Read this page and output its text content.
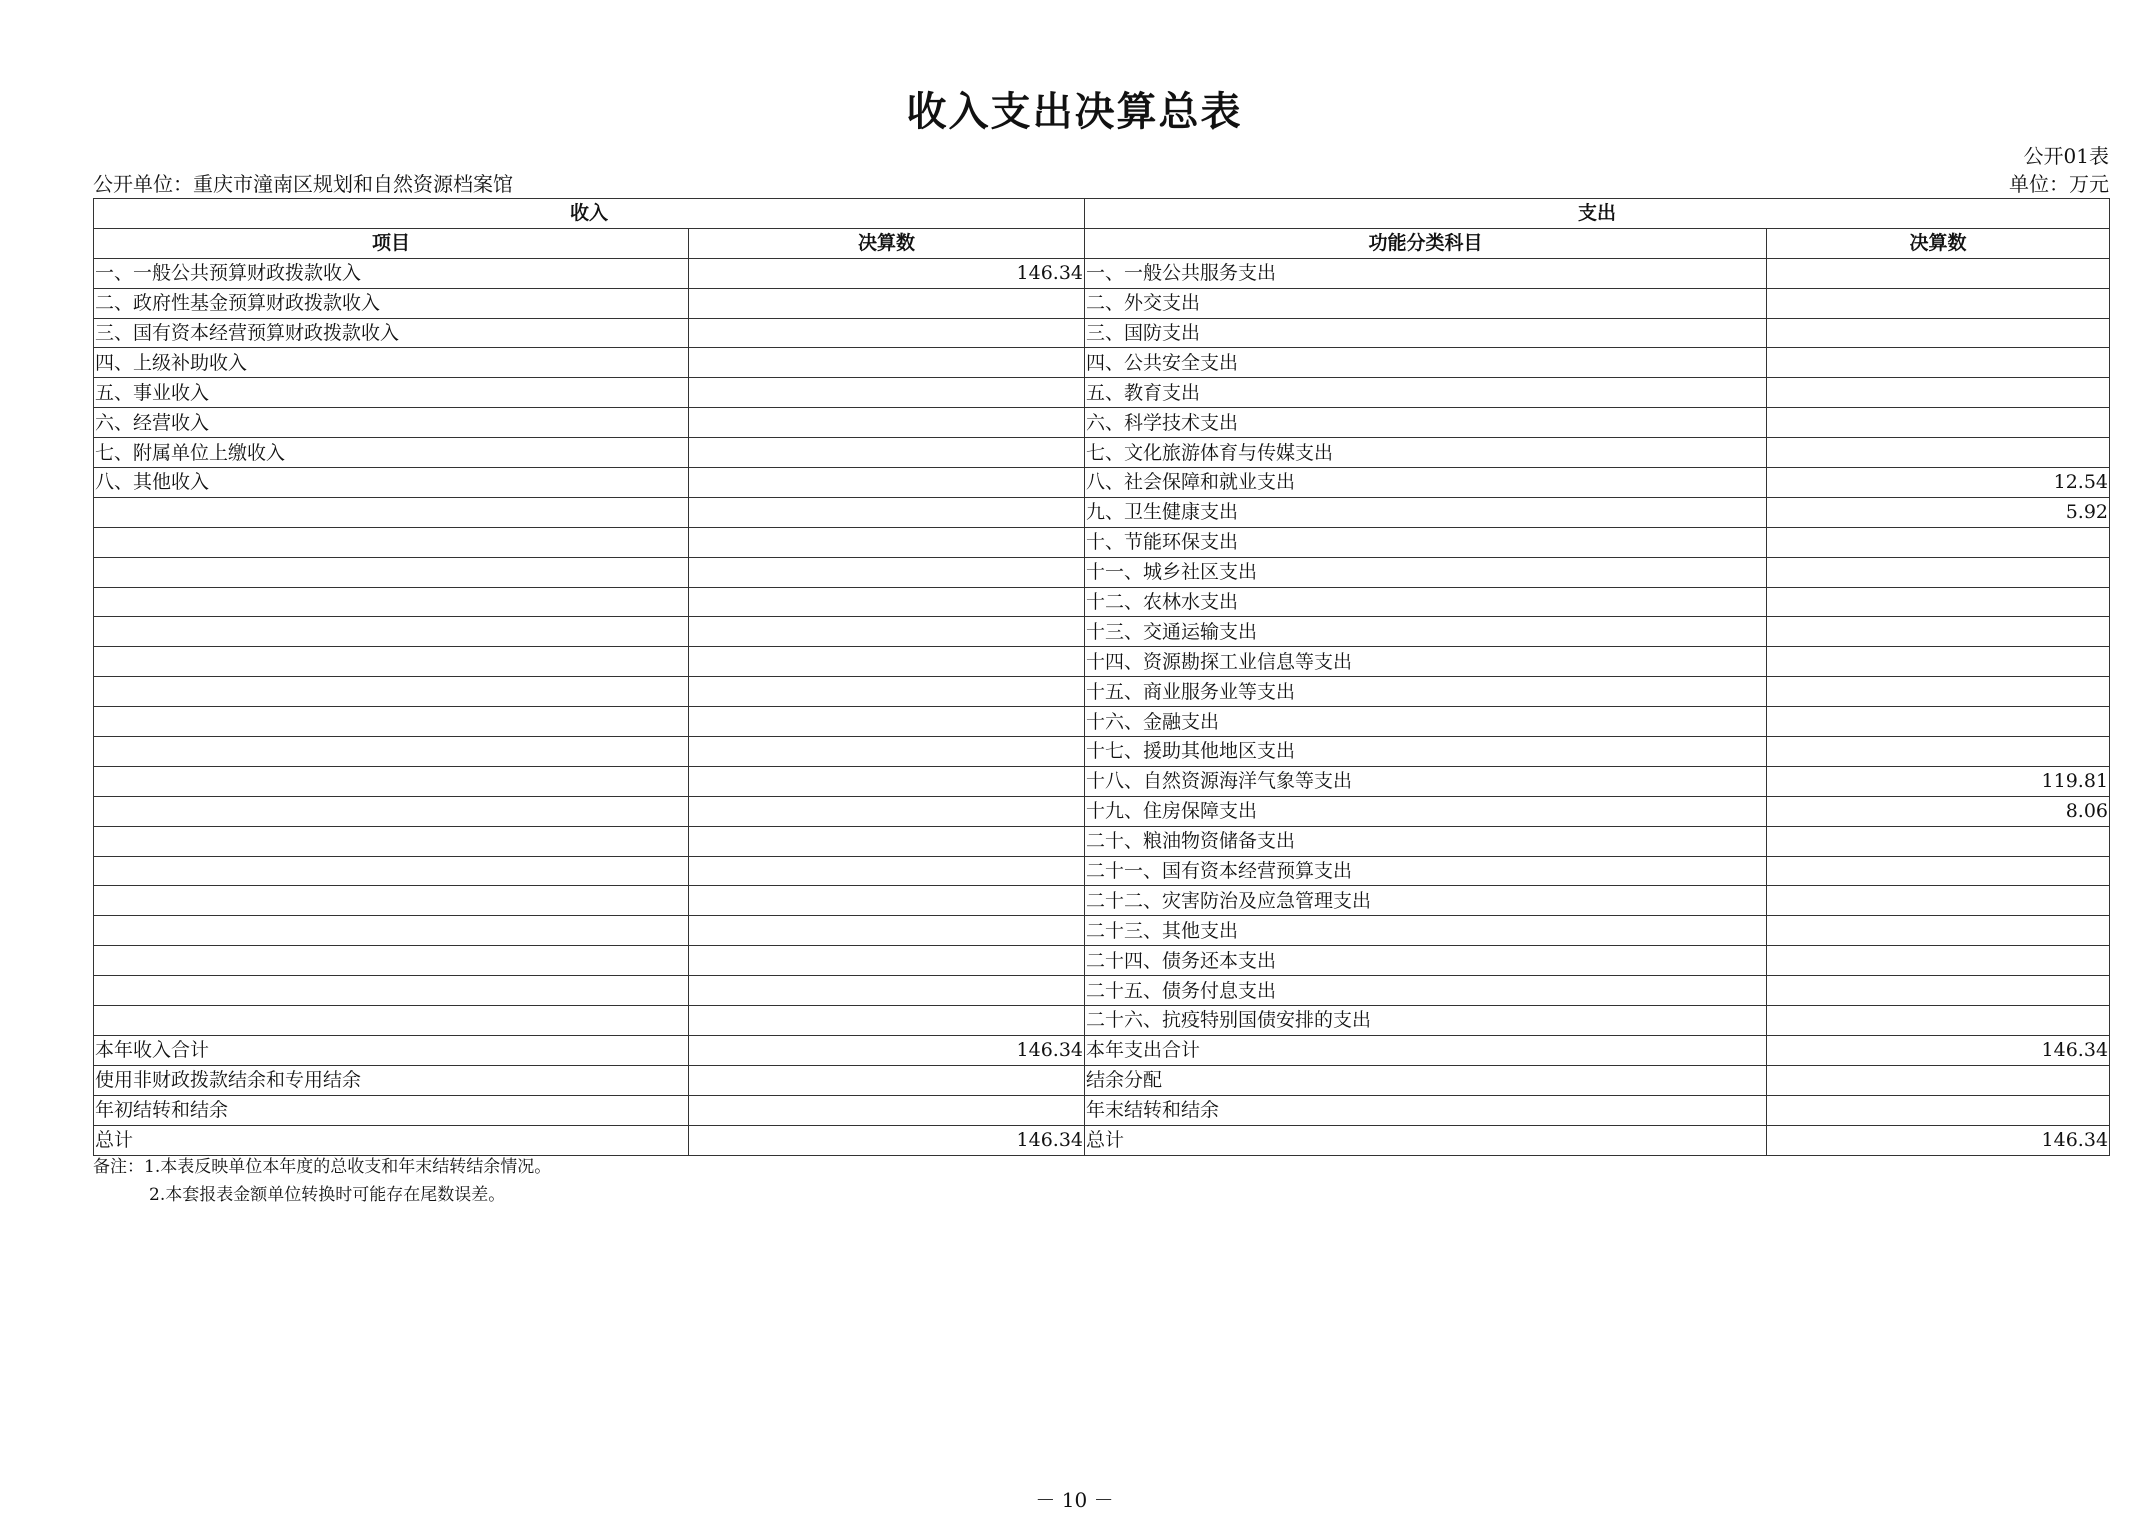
收入支出决算总表
公开01表
公开单位：重庆市潼南区规划和自然资源档案馆	单位：万元
收入		支出	
项目	决算数	功能分类科目	决算数
一、一般公共预算财政拨款收入	146.34	一、一般公共服务支出	
二、政府性基金预算财政拨款收入		二、外交支出	
三、国有资本经营预算财政拨款收入		三、国防支出	
四、上级补助收入		四、公共安全支出	
五、事业收入		五、教育支出	
六、经营收入		六、科学技术支出	
七、附属单位上缴收入		七、文化旅游体育与传媒支出	
八、其他收入		八、社会保障和就业支出	12.54
		九、卫生健康支出	5.92
		十、节能环保支出	
		十一、城乡社区支出	
		十二、农林水支出	
		十三、交通运输支出	
		十四、资源勘探工业信息等支出	
		十五、商业服务业等支出	
		十六、金融支出	
		十七、援助其他地区支出	
		十八、自然资源海洋气象等支出	119.81
		十九、住房保障支出	8.06
		二十、粮油物资储备支出	
		二十一、国有资本经营预算支出	
		二十二、灾害防治及应急管理支出	
		二十三、其他支出	
		二十四、债务还本支出	
		二十五、债务付息支出	
		二十六、抗疫特别国债安排的支出	
本年收入合计	146.34	本年支出合计	146.34
使用非财政拨款结余和专用结余		结余分配	
年初结转和结余		年末结转和结余	
总计	146.34	总计	146.34
备注：1.本表反映单位本年度的总收支和年末结转结余情况。
2.本套报表金额单位转换时可能存在尾数误差。
－ 10 －
